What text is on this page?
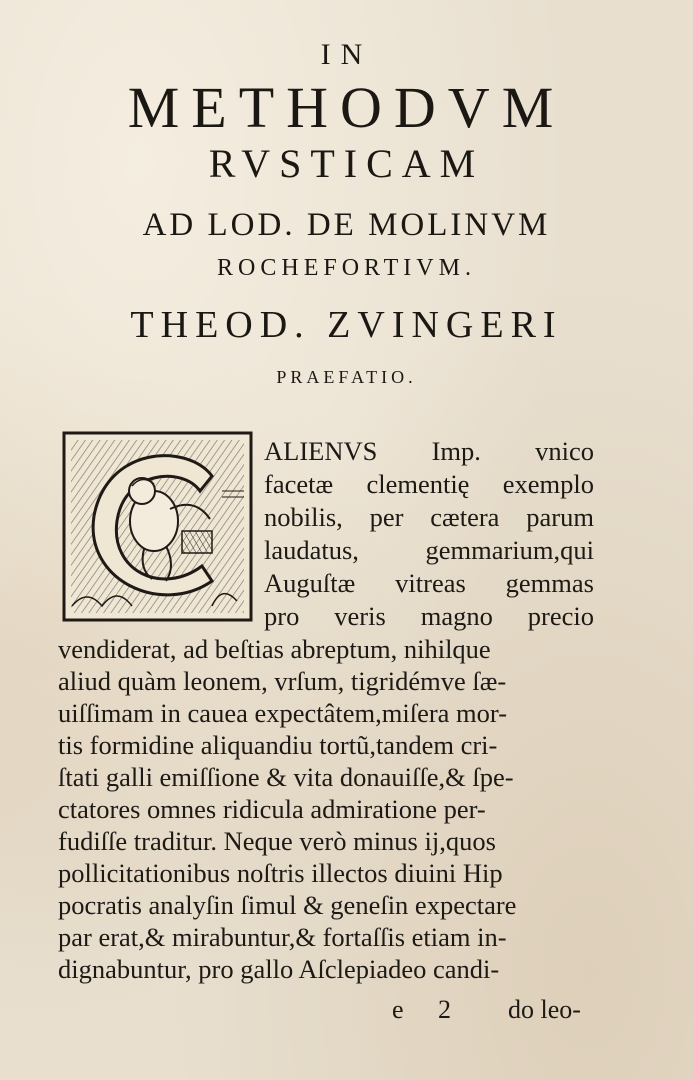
IN
METHODVM
RVSTICAM
AD LOD. DE MOLINVM
ROCHEFORTIVM.
THEOD. ZVINGERI
PRAEFATIO.
ALIENVS Imp. vnico
facetæ clementię exemplo
nobilis, per cætera parum
laudatus, gemmarium,qui
Auguſtæ vitreas gemmas
pro veris magno precio
vendiderat, ad beſtias abreptum, nihilque
aliud quàm leonem, vrſum, tigridémve ſæ-
uiſſimam in cauea expectâtem,miſera mor-
tis formidine aliquandiu tortũ,tandem cri-
ſtati galli emiſſione & vita donauiſſe,& ſpe-
ctatores omnes ridicula admiratione per-
fudiſſe traditur. Neque verò minus ij,quos
pollicitationibus noſtris illectos diuini Hip
pocratis analyſin ſimul & geneſin expectare
par erat,& mirabuntur,& fortaſſis etiam in-
dignabuntur, pro gallo Aſclepiadeo candi-
e 2 do leo-
